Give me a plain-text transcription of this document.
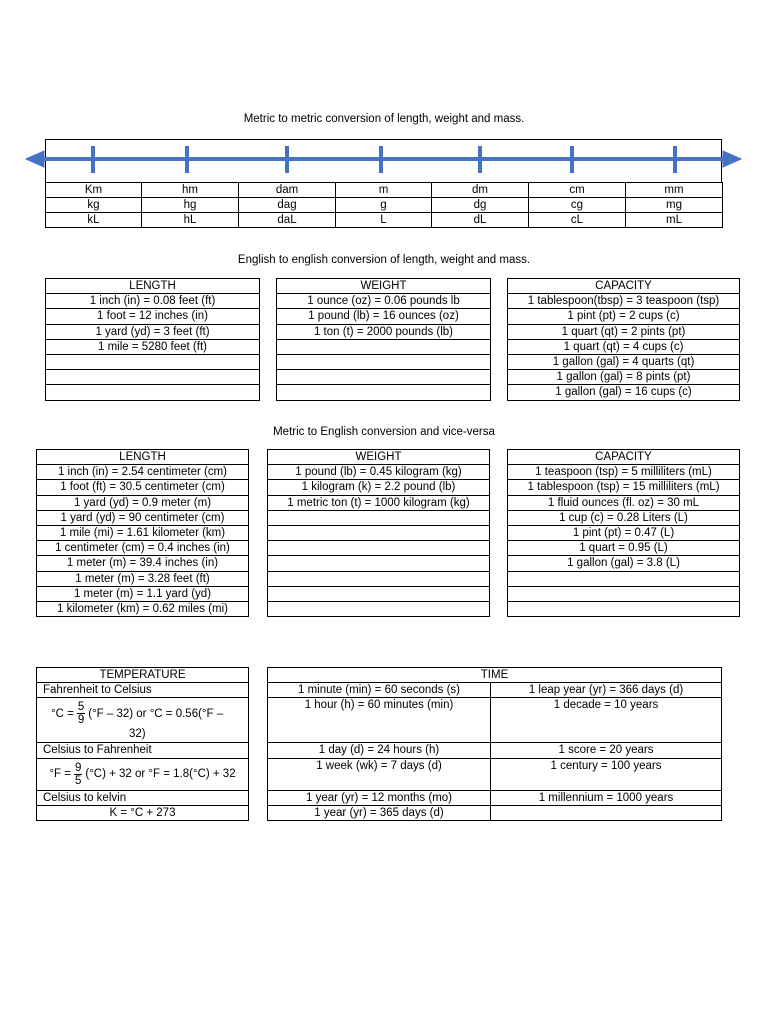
Metric to metric conversion of length, weight and mass.
Km	hm	dam	m	dm	cm	mm
kg	hg	dag	g	dg	cg	mg
kL	hL	daL	L	dL	cL	mL
English to english conversion of length, weight and mass.
LENGTH
1 inch (in) = 0.08 feet (ft)
1 foot = 12 inches (in)
1 yard (yd) = 3 feet (ft)
1 mile = 5280 feet (ft)

WEIGHT
1 ounce (oz) = 0.06 pounds lb
1 pound (lb) = 16 ounces (oz)
1 ton (t) = 2000 pounds (lb)

CAPACITY
1 tablespoon(tbsp) = 3 teaspoon (tsp)
1 pint (pt) = 2 cups (c)
1 quart (qt) = 2 pints (pt)
1 quart (qt) = 4 cups (c)
1 gallon (gal) = 4 quarts (qt)
1 gallon (gal) = 8 pints (pt)
1 gallon (gal) = 16 cups (c)
Metric to English conversion and vice-versa
LENGTH
1 inch (in) = 2.54 centimeter (cm)
1 foot (ft) = 30.5 centimeter (cm)
1 yard (yd) = 0.9 meter (m)
1 yard (yd) = 90 centimeter (cm)
1 mile (mi) = 1.61 kilometer (km)
1 centimeter (cm) = 0.4 inches (in)
1 meter (m) = 39.4 inches (in)
1 meter (m) = 3.28 feet (ft)
1 meter (m) = 1.1 yard (yd)
1 kilometer (km) = 0.62 miles (mi)
WEIGHT
1 pound (lb) = 0.45 kilogram (kg)
1 kilogram (k) = 2.2 pound (lb)
1 metric ton (t) = 1000 kilogram (kg)

CAPACITY
1 teaspoon (tsp) = 5 milliliters (mL)
1 tablespoon (tsp) = 15 milliliters (mL)
1 fluid ounces (fl. oz) = 30 mL
1 cup (c) = 0.28 Liters (L)
1 pint (pt) = 0.47 (L)
1 quart = 0.95 (L)
1 gallon (gal) = 3.8 (L)

TEMPERATURE
Fahrenheit to Celsius

$^\circ C = \frac{5}{9} (^\circ F - 32)$ or °C = 0.56(°F –
32)

Celsius to Fahrenheit

$^\circ F = \frac{9}{5} (^\circ C) + 32$ or °F = 1.8(°C) + 32

Celsius to kelvin
K = °C + 273
TIME	
1 minute (min) = 60 seconds (s)	1 leap year (yr) = 366 days (d)
1 hour (h) = 60 minutes (min)	1 decade = 10 years
1 day (d) = 24 hours (h)	1 score = 20 years
1 week (wk) = 7 days (d)	1 century = 100 years
1 year (yr) = 12 months (mo)	1 millennium = 1000 years
1 year (yr) = 365 days (d)	
